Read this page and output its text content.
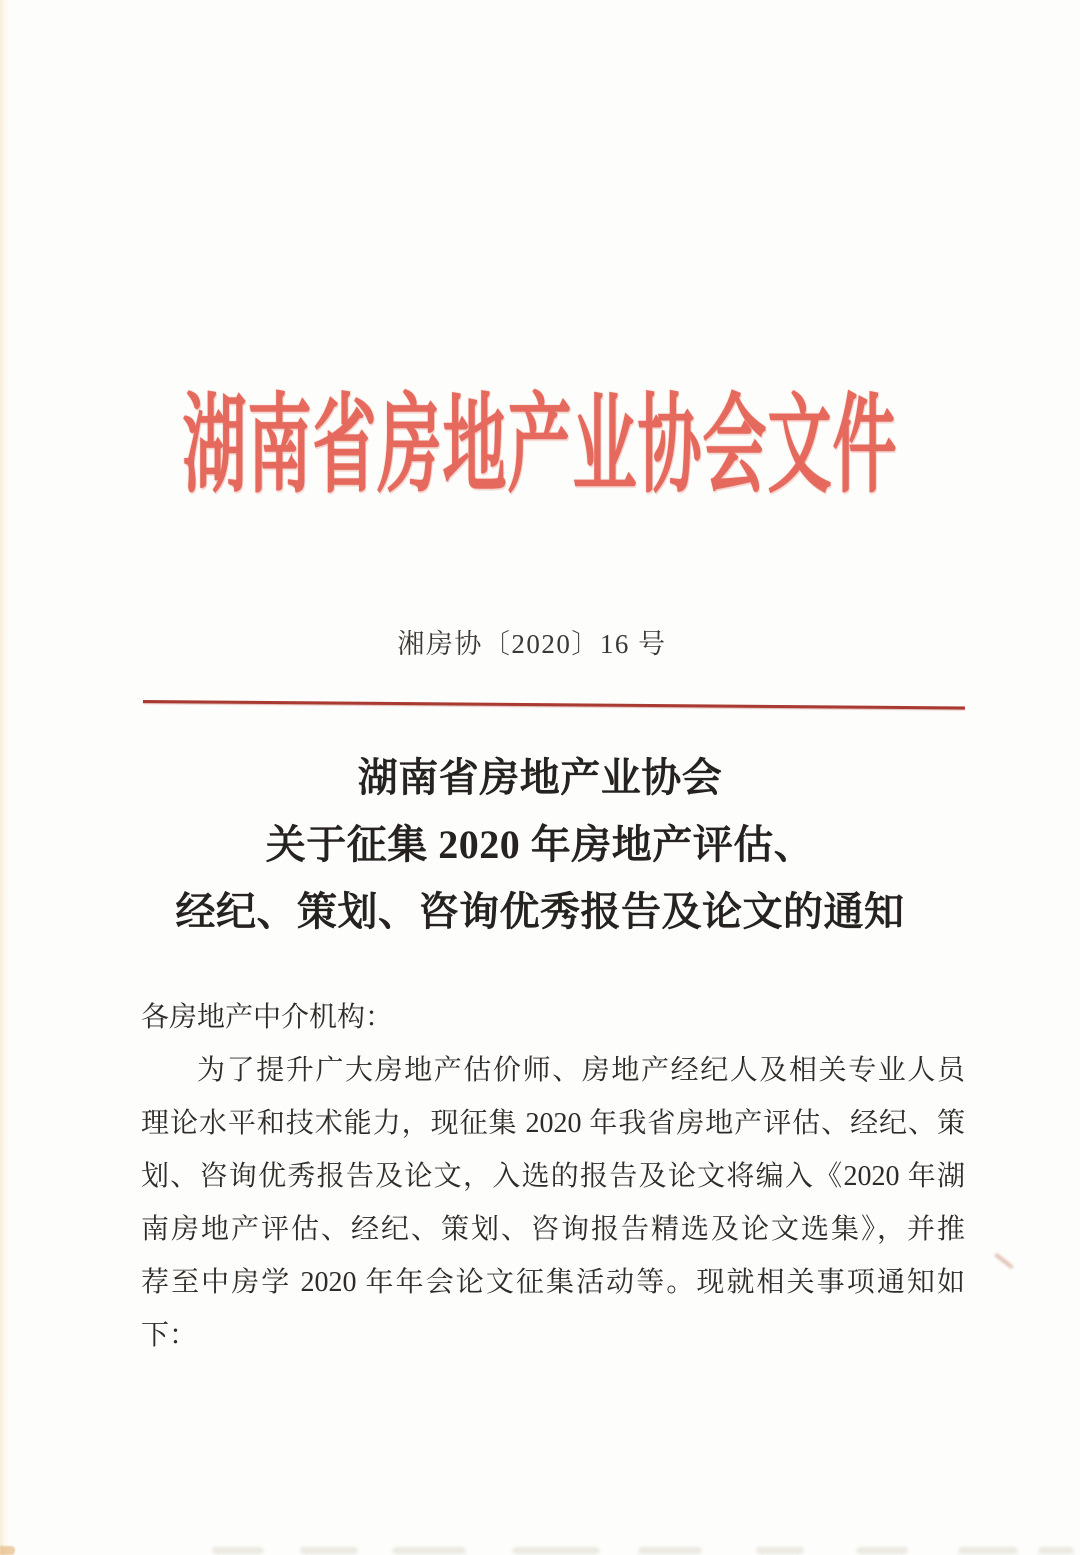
湖南省房地产业协会文件
湘房协〔2020〕16 号
湖南省房地产业协会
关于征集 2020 年房地产评估、
经纪、策划、咨询优秀报告及论文的通知
各房地产中介机构：
为了提升广大房地产估价师、房地产经纪人及相关专业人员
理论水平和技术能力，现征集 2020 年我省房地产评估、经纪、策
划、咨询优秀报告及论文，入选的报告及论文将编入《2020 年湖
南房地产评估、经纪、策划、咨询报告精选及论文选集》，并推
荐至中房学 2020 年年会论文征集活动等。现就相关事项通知如
下：
